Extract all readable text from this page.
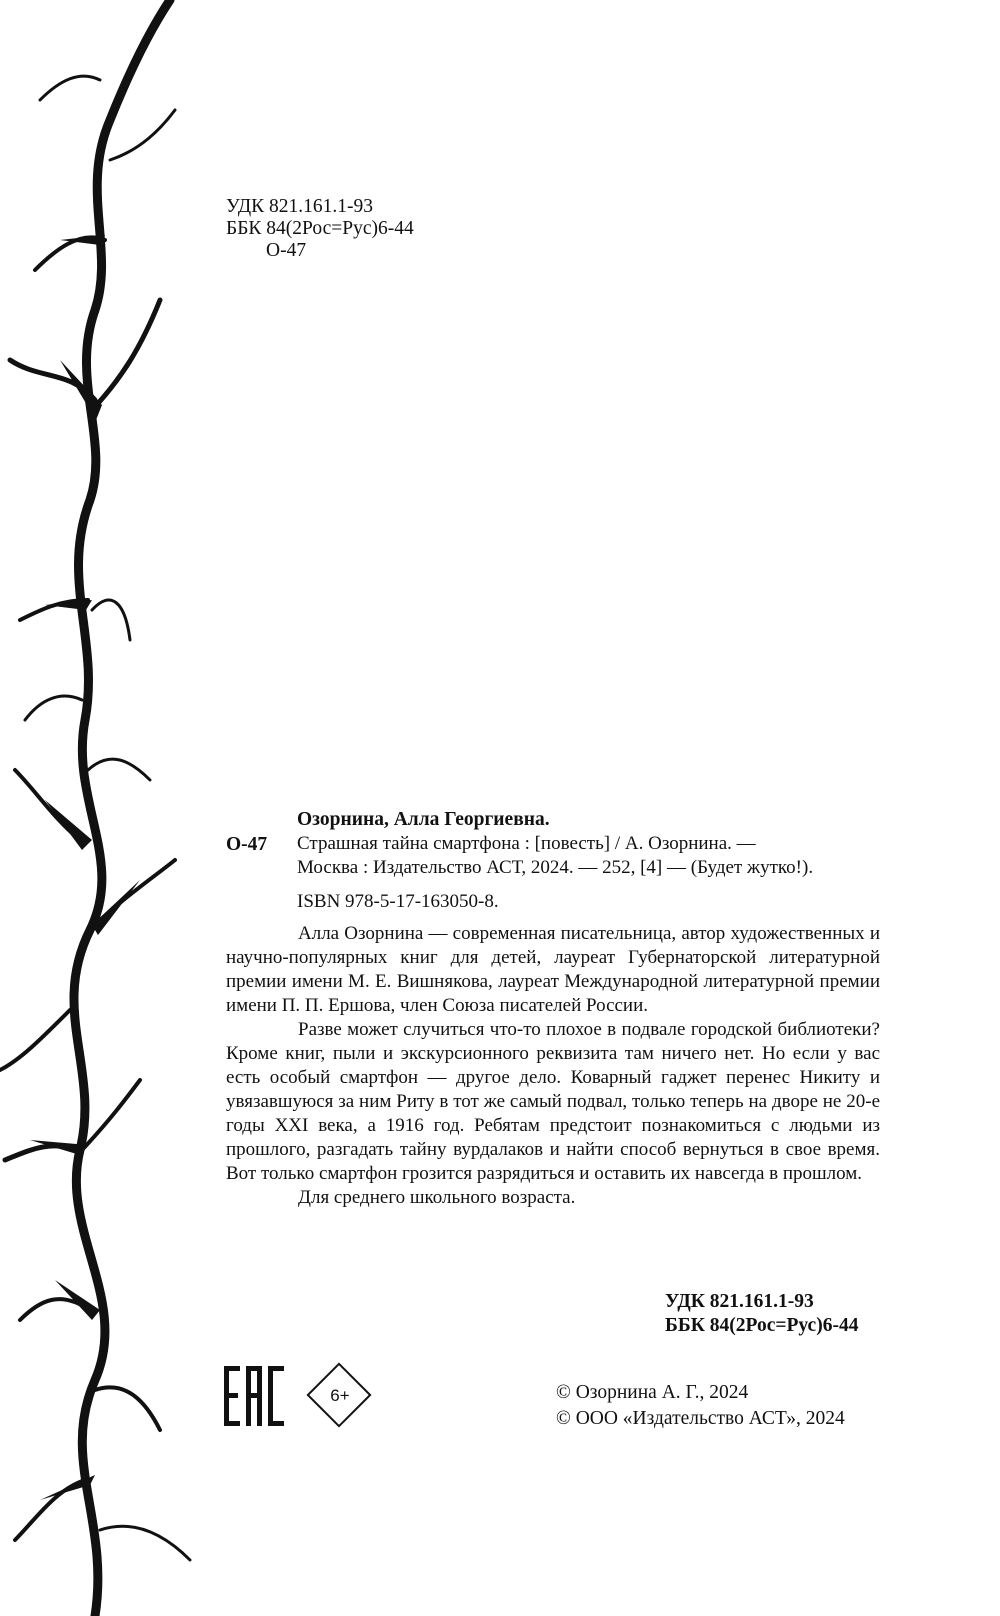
УДК 821.161.1-93
ББК 84(2Рос=Рус)6-44
О-47
О-47
Озорнина, Алла Георгиевна.
Страшная тайна смартфона : [повесть] / А. Озорнина. —
Москва : Издательство АСТ, 2024. — 252, [4] — (Будет жутко!).
ISBN 978-5-17-163050-8.

Алла Озорнина — современная писательница, автор художественных и научно-популярных книг для детей, лауреат Губернаторской литературной премии имени М. Е. Вишнякова, лауреат Международной литературной премии имени П. П. Ершова, член Союза писателей России.

Разве может случиться что-то плохое в подвале городской библиотеки? Кроме книг, пыли и экскурсионного реквизита там ничего нет. Но если у вас есть особый смартфон — другое дело. Коварный гаджет перенес Никиту и увязавшуюся за ним Риту в тот же самый подвал, только теперь на дворе не 20-е годы XXI века, а 1916 год. Ребятам предстоит познакомиться с людьми из прошлого, разгадать тайну вурдалаков и найти способ вернуться в свое время. Вот только смартфон грозится разрядиться и оставить их навсегда в прошлом.

Для среднего школьного возраста.

УДК 821.161.1-93
ББК 84(2Рос=Рус)6-44
6+	© Озорнина А. Г., 2024
© ООО «Издательство АСТ», 2024
